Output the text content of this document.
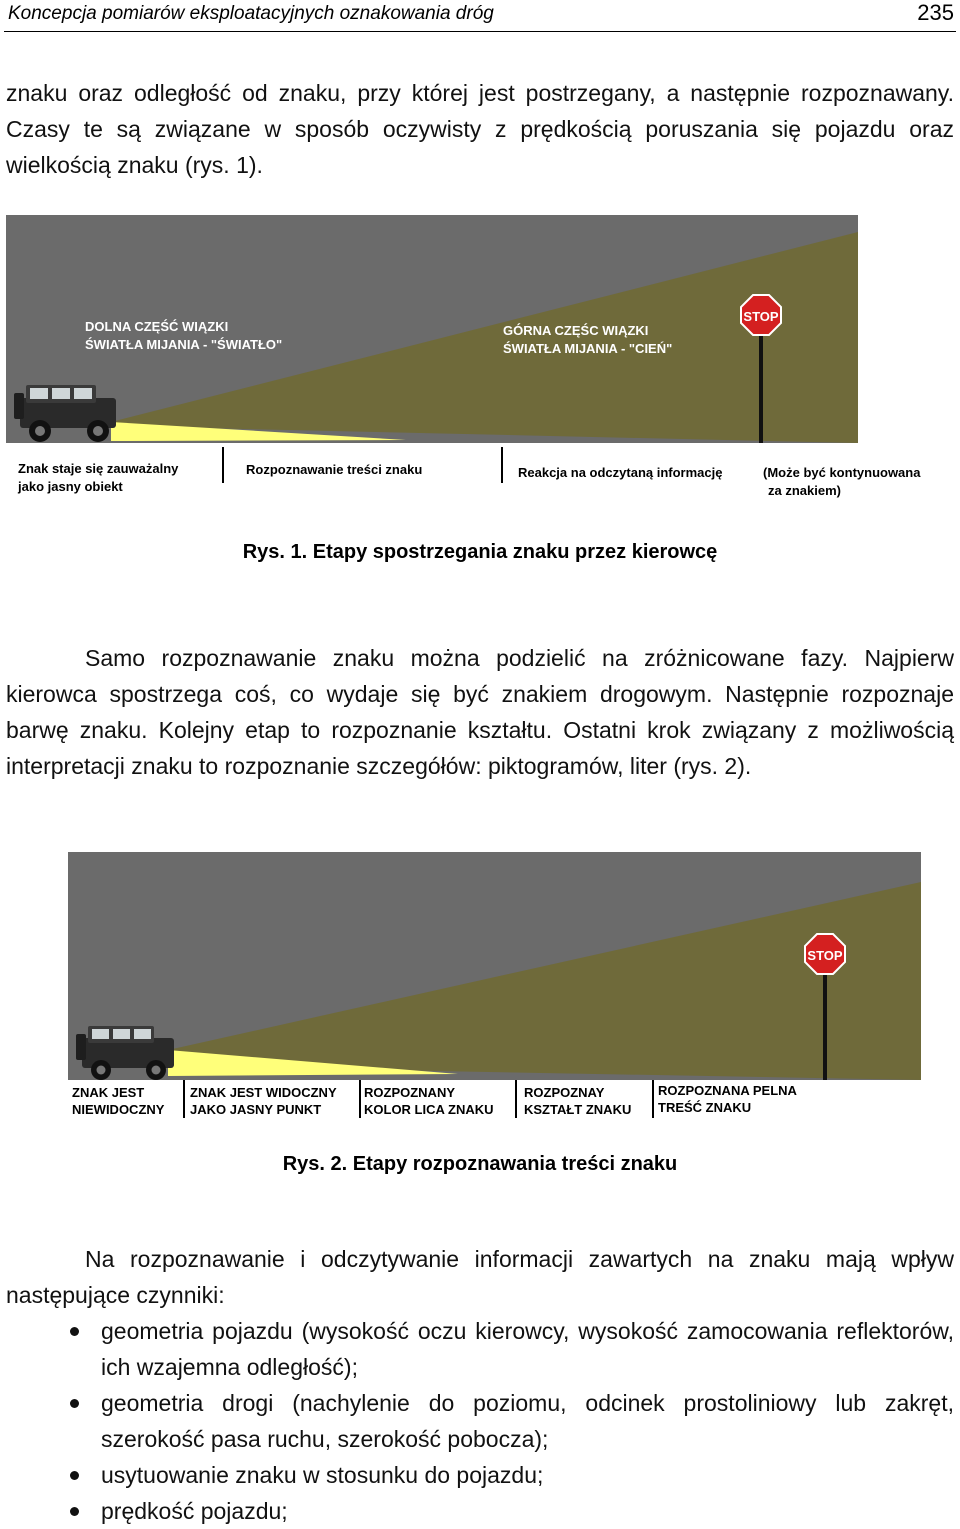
Koncepcja pomiarów eksploatacyjnych oznakowania dróg	235
znaku oraz odległość od znaku, przy której jest postrzegany, a następnie rozpoznawany. Czasy te są związane w sposób oczywisty z prędkością poruszania się pojazdu oraz wielkością znaku (rys. 1).
STOP
DOLNA CZĘŚĆ WIĄZKI
ŚWIATŁA MIJANIA - "ŚWIATŁO"
GÓRNA CZĘŚC WIĄZKI
ŚWIATŁA MIJANIA - "CIEŃ"
Znak staje się zauważalny
jako jasny obiekt
Rozpoznawanie treści znaku	Reakcja na odczytaną informację	(Może być kontynuowana
za znakiem)
Rys. 1. Etapy spostrzegania znaku przez kierowcę
Samo rozpoznawanie znaku można podzielić na zróżnicowane fazy. Najpierw kierowca spostrzega coś, co wydaje się być znakiem drogowym. Następnie rozpoznaje barwę znaku. Kolejny etap to rozpoznanie kształtu. Ostatni krok związany z możliwością interpretacji znaku to rozpoznanie szczegółów: piktogramów, liter (rys. 2).
STOP
ZNAK JEST
NIEWIDOCZNY
ZNAK JEST WIDOCZNY
JAKO JASNY PUNKT
ROZPOZNANY
KOLOR LICA ZNAKU
ROZPOZNAY
KSZTAŁT ZNAKU
ROZPOZNANA PELNA
TREŚĆ ZNAKU
Rys. 2. Etapy rozpoznawania treści znaku
Na rozpoznawanie i odczytywanie informacji zawartych na znaku mają wpływ następujące czynniki:
geometria pojazdu (wysokość oczu kierowcy, wysokość zamocowania reflektorów, ich wzajemna odległość);
geometria drogi (nachylenie do poziomu, odcinek prostoliniowy lub zakręt, szerokość pasa ruchu, szerokość pobocza);
usytuowanie znaku w stosunku do pojazdu;
prędkość pojazdu;
